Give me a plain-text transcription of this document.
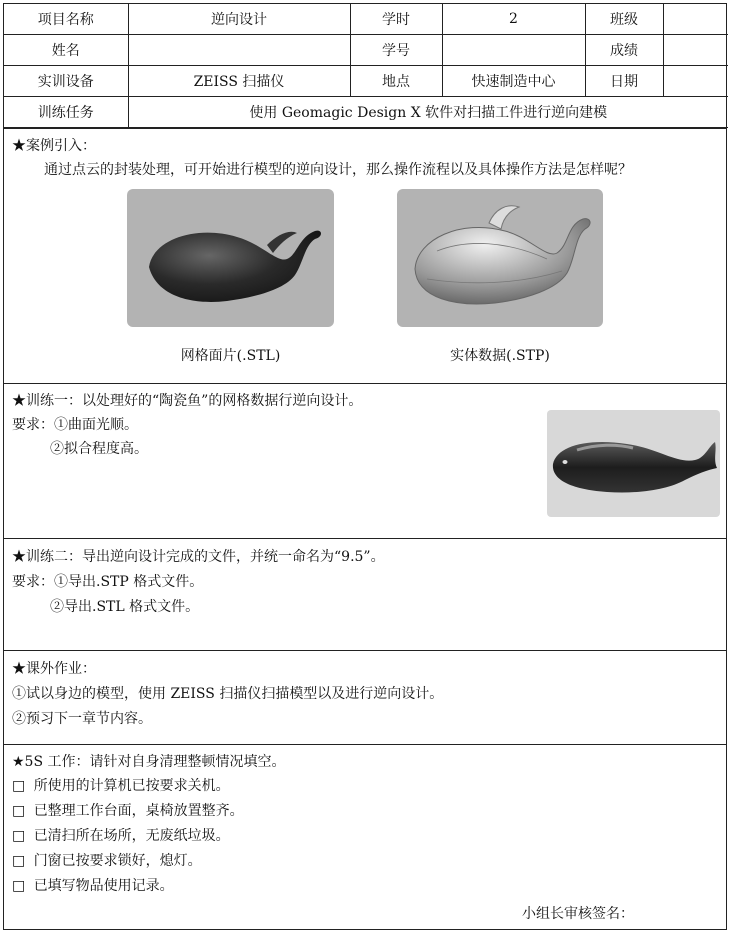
项目名称	逆向设计	学时	2	班级	
姓名		学号		成绩	
实训设备	ZEISS 扫描仪	地点	快速制造中心	日期	
训练任务	使用 Geomagic Design X 软件对扫描工件进行逆向建模				
★案例引入：
通过点云的封装处理，可开始进行模型的逆向设计，那么操作流程以及具体操作方法是怎样呢？
网格面片(.STL)	实体数据(.STP)
★训练一：以处理好的“陶瓷鱼”的网格数据行逆向设计。
要求：①曲面光顺。
②拟合程度高。
★训练二：导出逆向设计完成的文件，并统一命名为“9.5”。
要求：①导出.STP 格式文件。
②导出.STL 格式文件。
★课外作业：
①试以身边的模型，使用 ZEISS 扫描仪扫描模型以及进行逆向设计。
②预习下一章节内容。
★5S 工作：请针对自身清理整顿情况填空。
□ 所使用的计算机已按要求关机。
□ 已整理工作台面，桌椅放置整齐。
□ 已清扫所在场所，无废纸垃圾。
□ 门窗已按要求锁好，熄灯。
□ 已填写物品使用记录。
小组长审核签名：
